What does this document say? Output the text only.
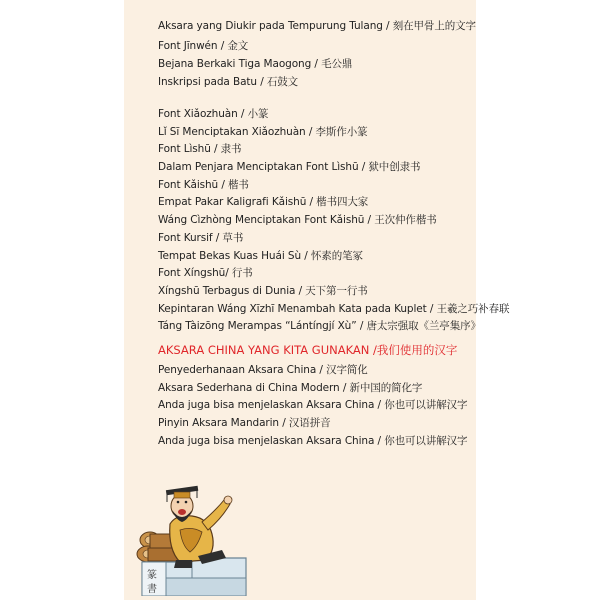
Aksara yang Diukir pada Tempurung Tulang / 刻在甲骨上的文字
Font Jīnwén / 金文
Bejana Berkaki Tiga Maogong / 毛公鼎
Inskripsi pada Batu / 石鼓文
Font Xiǎozhuàn / 小篆
Lǐ Sī Menciptakan Xiǎozhuàn / 李斯作小篆
Font Lìshū / 隶书
Dalam Penjara Menciptakan Font Lìshū / 狱中创隶书
Font Kǎishū / 楷书
Empat Pakar Kaligrafi Kǎishū / 楷书四大家
Wáng Cìzhòng Menciptakan Font Kǎishū / 王次仲作楷书
Font Kursif / 草书
Tempat Bekas Kuas Huái Sù / 怀素的笔冢
Font Xíngshū/ 行书
Xíngshū Terbagus di Dunia / 天下第一行书
Kepintaran Wáng Xīzhī Menambah Kata pada Kuplet / 王羲之巧补春联
Táng Tàizōng Merampas “Lántíngjí Xù” / 唐太宗强取《兰亭集序》
AKSARA CHINA YANG KITA GUNAKAN /我们使用的汉字
Penyederhanaan Aksara China / 汉字简化
Aksara Sederhana di China Modern / 新中国的简化字
Anda juga bisa menjelaskan Aksara China / 你也可以讲解汉字
Pinyin Aksara Mandarin / 汉语拼音
Anda juga bisa menjelaskan Aksara China / 你也可以讲解汉字
篆
書
